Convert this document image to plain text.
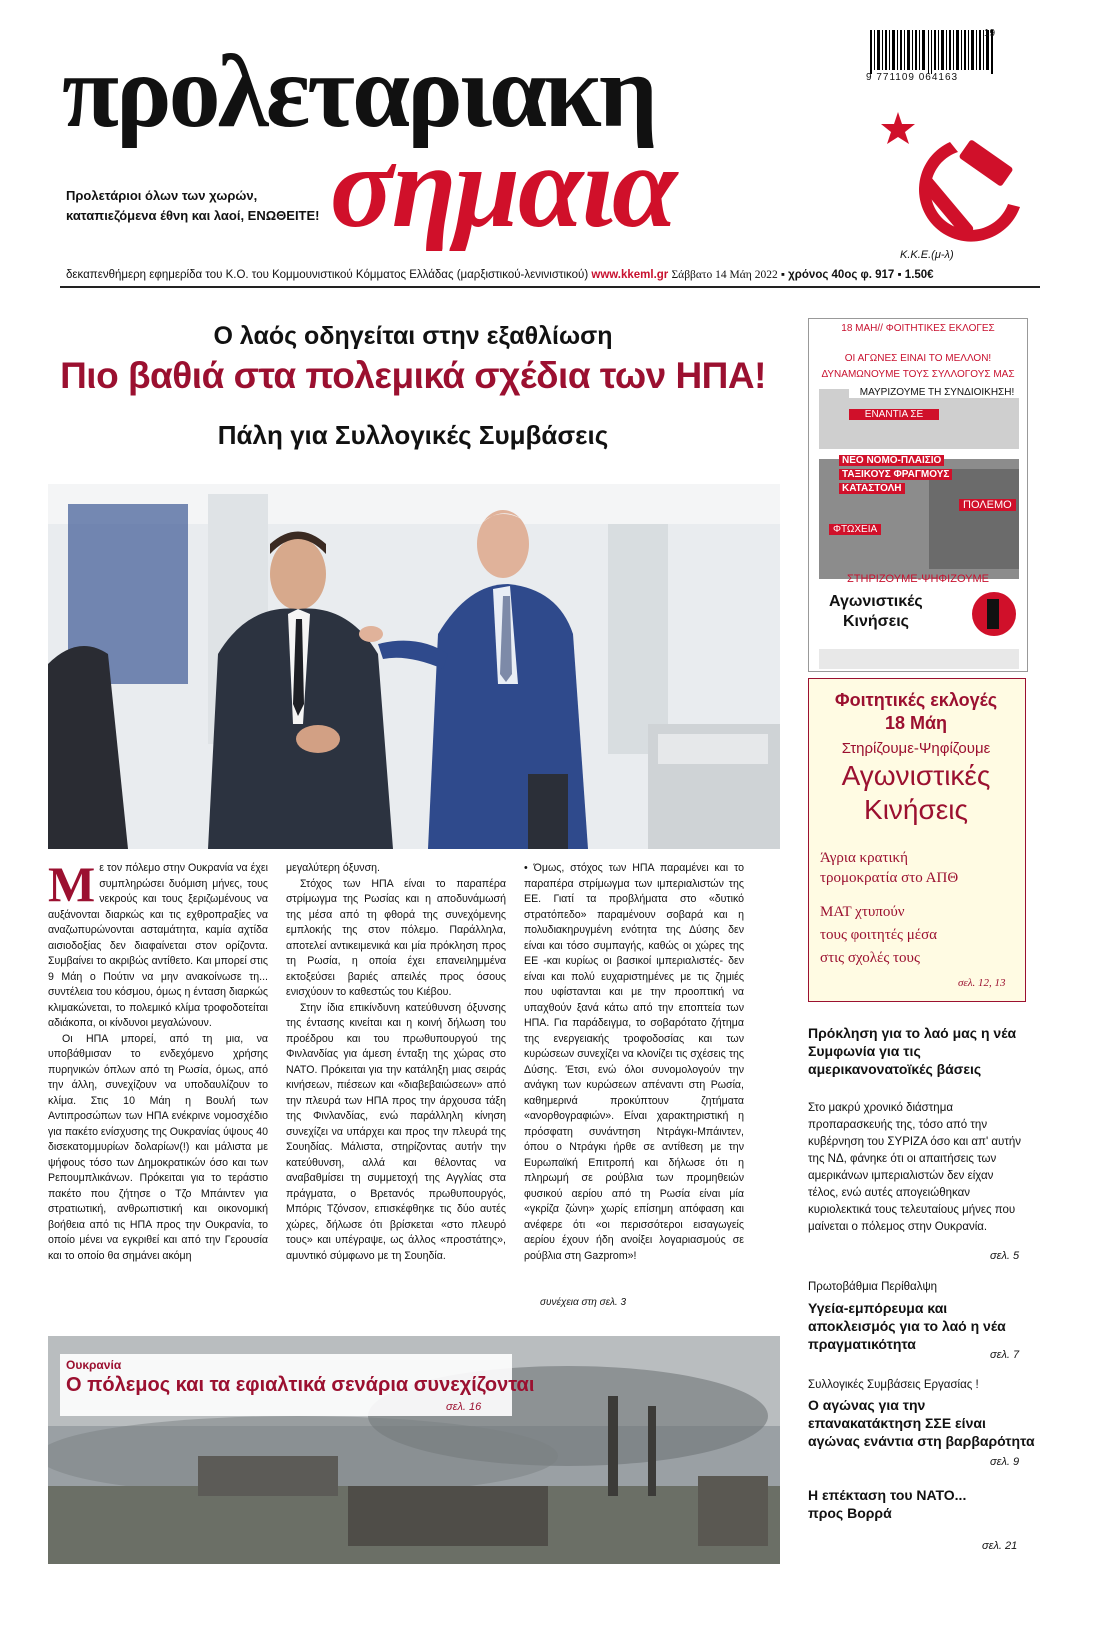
προλεταριακη
σημαια
Προλετάριοι όλων των χωρών,
καταπιεζόμενα έθνη και λαοί, ΕΝΩΘΕΙΤΕ!
9 771109 064163
19
Κ.Κ.Ε.(μ-λ)
δεκαπενθήμερη εφημερίδα του Κ.Ο. του Κομμουνιστικού Κόμματος Ελλάδας (μαρξιστικού-λενινιστικού) www.kkeml.gr Σάββατο 14 Μάη 2022 ▪ χρόνος 40ος φ. 917 ▪ 1.50€
Ο λαός οδηγείται στην εξαθλίωση
Πιο βαθιά στα πολεμικά σχέδια των ΗΠΑ!
Πάλη για Συλλογικές Συμβάσεις

Με τον πόλεμο στην Ουκρανία να έχει συμπληρώσει δυόμιση μήνες, τους νεκρούς και τους ξεριζωμένους να αυξάνονται διαρκώς και τις εχθροπραξίες να αναζωπυρώνονται ασταμάτητα, καμία αχτίδα αισιοδοξίας δεν διαφαίνεται στον ορίζοντα. Συμβαίνει το ακριβώς αντίθετο. Και μπορεί στις 9 Μάη ο Πούτιν να μην ανακοίνωσε τη... συντέλεια του κόσμου, όμως η ένταση διαρκώς κλιμακώνεται, το πολεμικό κλίμα τροφοδοτείται αδιάκοπα, οι κίνδυνοι μεγαλώνουν.

Οι ΗΠΑ μπορεί, από τη μια, να υποβάθμισαν το ενδεχόμενο χρήσης πυρηνικών όπλων από τη Ρωσία, όμως, από την άλλη, συνεχίζουν να υποδαυλίζουν το κλίμα. Στις 10 Μάη η Βουλή των Αντιπροσώπων των ΗΠΑ ενέκρινε νομοσχέδιο για πακέτο ενίσχυσης της Ουκρανίας ύψους 40 δισεκατομμυρίων δολαρίων(!) και μάλιστα με ψήφους τόσο των Δημοκρατικών όσο και των Ρεπουμπλικάνων. Πρόκειται για το τεράστιο πακέτο που ζήτησε ο Τζο Μπάιντεν για στρατιωτική, ανθρωπιστική και οικονομική βοήθεια από τις ΗΠΑ προς την Ουκρανία, το οποίο μένει να εγκριθεί και από την Γερουσία και το οποίο θα σημάνει ακόμη

μεγαλύτερη όξυνση.

Στόχος των ΗΠΑ είναι το παραπέρα στρίμωγμα της Ρωσίας και η αποδυνάμωσή της μέσα από τη φθορά της συνεχόμενης εμπλοκής της στον πόλεμο. Παράλληλα, αποτελεί αντικειμενικά και μία πρόκληση προς τη Ρωσία, η οποία έχει επανειλημμένα εκτοξεύσει βαριές απειλές προς όσους ενισχύουν το καθεστώς του Κιέβου.

Στην ίδια επικίνδυνη κατεύθυνση όξυνσης της έντασης κινείται και η κοινή δήλωση του προέδρου και του πρωθυπουργού της Φινλανδίας για άμεση ένταξη της χώρας στο ΝΑΤΟ. Πρόκειται για την κατάληξη μιας σειράς κινήσεων, πιέσεων και «διαβεβαιώσεων» από την πλευρά των ΗΠΑ προς την άρχουσα τάξη της Φινλανδίας, ενώ παράλληλη κίνηση συνεχίζει να υπάρχει και προς την πλευρά της Σουηδίας. Μάλιστα, στηρίζοντας αυτήν την κατεύθυνση, αλλά και θέλοντας να αναβαθμίσει τη συμμετοχή της Αγγλίας στα πράγματα, ο Βρετανός πρωθυπουργός, Μπόρις Τζόνσον, επισκέφθηκε τις δύο αυτές χώρες, δήλωσε ότι βρίσκεται «στο πλευρό τους» και υπέγραψε, ως άλλος «προστάτης», αμυντικό σύμφωνο με τη Σουηδία.

• Όμως, στόχος των ΗΠΑ παραμένει και το παραπέρα στρίμωγμα των ιμπεριαλιστών της ΕΕ. Γιατί τα προβλήματα στο «δυτικό στρατόπεδο» παραμένουν σοβαρά και η πολυδιακηρυγμένη ενότητα της Δύσης δεν είναι και τόσο συμπαγής, καθώς οι χώρες της ΕΕ -και κυρίως οι βασικοί ιμπεριαλιστές- δεν είναι και πολύ ευχαριστημένες με τις ζημιές που υφίστανται και με την προοπτική να υπαχθούν ξανά κάτω από την εποπτεία των ΗΠΑ. Για παράδειγμα, το σοβαρότατο ζήτημα της ενεργειακής τροφοδοσίας και των κυρώσεων συνεχίζει να κλονίζει τις σχέσεις της Δύσης. Έτσι, ενώ όλοι συνομολογούν την ανάγκη των κυρώσεων απέναντι στη Ρωσία, καθημερινά προκύπτουν ζητήματα «ανορθογραφιών». Είναι χαρακτηριστική η πρόσφατη συνάντηση Ντράγκι-Μπάιντεν, όπου ο Ντράγκι ήρθε σε αντίθεση με την Ευρωπαϊκή Επιτροπή και δήλωσε ότι η πληρωμή σε ρούβλια των προμηθειών φυσικού αερίου από τη Ρωσία είναι μία «γκρίζα ζώνη» χωρίς επίσημη απόφαση και ανέφερε ότι «οι περισσότεροι εισαγωγείς αερίου έχουν ήδη ανοίξει λογαριασμούς σε ρούβλια στη Gazprom»!

συνέχεια στη σελ. 3
Ουκρανία
Ο πόλεμος και τα εφιαλτικά σενάρια συνεχίζονται
σελ. 16
18 ΜΑΗ// ΦΟΙΤΗΤΙΚΕΣ ΕΚΛΟΓΕΣ
ΟΙ ΑΓΩΝΕΣ ΕΙΝΑΙ ΤΟ ΜΕΛΛΟΝ!
ΔΥΝΑΜΩΝΟΥΜΕ ΤΟΥΣ ΣΥΛΛΟΓΟΥΣ ΜΑΣ
ΜΑΥΡΙΖΟΥΜΕ ΤΗ ΣΥΝΔΙΟΙΚΗΣΗ!
ΕΝΑΝΤΙΑ ΣΕ
ΝΕΟ ΝΟΜΟ-ΠΛΑΙΣΙΟ
ΤΑΞΙΚΟΥΣ ΦΡΑΓΜΟΥΣ
ΚΑΤΑΣΤΟΛΗ
ΠΟΛΕΜΟ
ΦΤΩΧΕΙΑ
ΣΤΗΡΙΖΟΥΜΕ-ΨΗΦΙΖΟΥΜΕ
Αγωνιστικές
Κινήσεις
Φοιτητικές εκλογές
18 Μάη
Στηρίζουμε-Ψηφίζουμε
Αγωνιστικές
Κινήσεις
Άγρια κρατική
τρομοκρατία στο ΑΠΘ
ΜΑΤ χτυπούν
τους φοιτητές μέσα
στις σχολές τους
σελ. 12, 13
Πρόκληση για το λαό μας η νέα Συμφωνία για τις αμερικανονατοϊκές βάσεις
Στο μακρύ χρονικό διάστημα προπαρασκευής της, τόσο από την κυβέρνηση του ΣΥΡΙΖΑ όσο και απ' αυτήν της ΝΔ, φάνηκε ότι οι απαιτήσεις των αμερικάνων ιμπεριαλιστών δεν είχαν τέλος, ενώ αυτές απογειώθηκαν κυριολεκτικά τους τελευταίους μήνες που μαίνεται ο πόλεμος στην Ουκρανία.
σελ. 5
Πρωτοβάθμια Περίθαλψη
Υγεία-εμπόρευμα και αποκλεισμός για το λαό η νέα πραγματικότητα
σελ. 7
Συλλογικές Συμβάσεις Εργασίας !
Ο αγώνας για την επανακατάκτηση ΣΣΕ είναι αγώνας ενάντια στη βαρβαρότητα
σελ. 9
Η επέκταση του ΝΑΤΟ... προς Βορρά
σελ. 21
